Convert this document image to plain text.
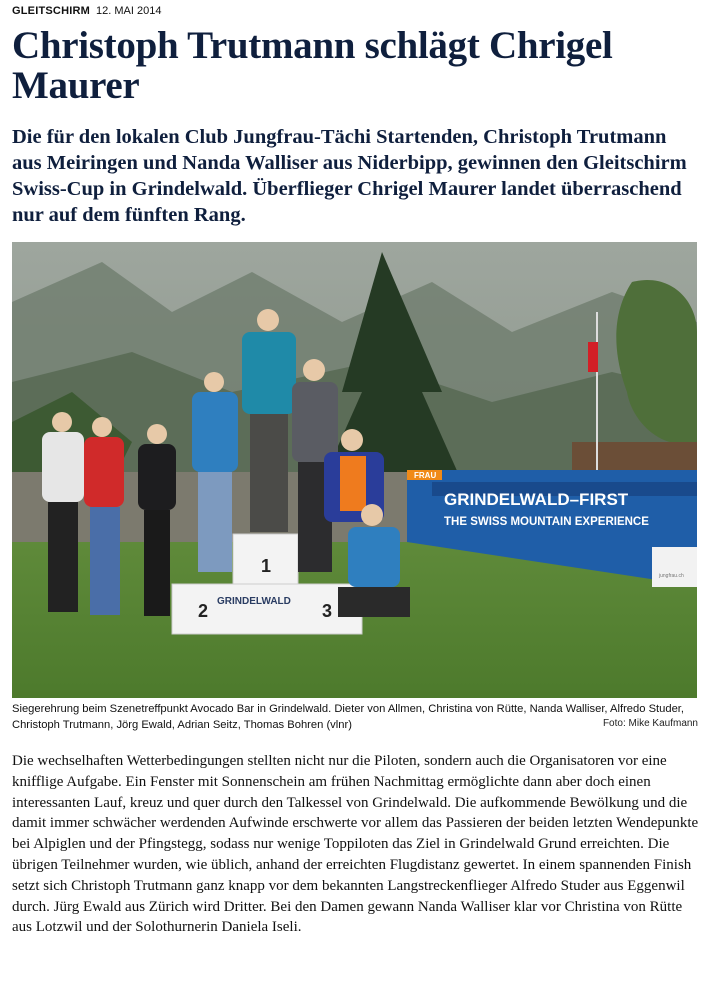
GLEITSCHIRM 12. MAI 2014
Christoph Trutmann schlägt Chrigel Maurer

Die für den lokalen Club Jungfrau-Tächi Startenden, Christoph Trutmann aus Meiringen und Nanda Walliser aus Niderbipp, gewinnen den Gleitschirm Swiss-Cup in Grindelwald. Überflieger Chrigel Maurer landet überraschend nur auf dem fünften Rang.

FRAU
GRINDELWALD–FIRST
THE SWISS MOUNTAIN EXPERIENCE
jungfrau.ch
1
2	3
GRINDELWALD
Siegerehrung beim Szenetreffpunkt Avocado Bar in Grindelwald. Dieter von Allmen, Christina von Rütte, Nanda Walliser, Alfredo Studer, Christoph Trutmann, Jörg Ewald, Adrian Seitz, Thomas Bohren (vlnr)	Foto: Mike Kaufmann

Die wechselhaften Wetterbedingungen stellten nicht nur die Piloten, sondern auch die Organisatoren vor eine knifflige Aufgabe. Ein Fenster mit Sonnenschein am frühen Nachmittag ermöglichte dann aber doch einen interessanten Lauf, kreuz und quer durch den Talkessel von Grindelwald. Die aufkommende Bewölkung und die damit immer schwächer werdenden Aufwinde erschwerte vor allem das Passieren der beiden letzten Wendepunkte bei Alpiglen und der Pfingstegg, sodass nur wenige Toppiloten das Ziel in Grindelwald Grund erreichten. Die übrigen Teilnehmer wurden, wie üblich, anhand der erreichten Flugdistanz gewertet. In einem spannenden Finish setzt sich Christoph Trutmann ganz knapp vor dem bekannten Langstreckenflieger Alfredo Studer aus Eggenwil durch. Jürg Ewald aus Zürich wird Dritter. Bei den Damen gewann Nanda Walliser klar vor Christina von Rütte aus Lotzwil und der Solothurnerin Daniela Iseli.
